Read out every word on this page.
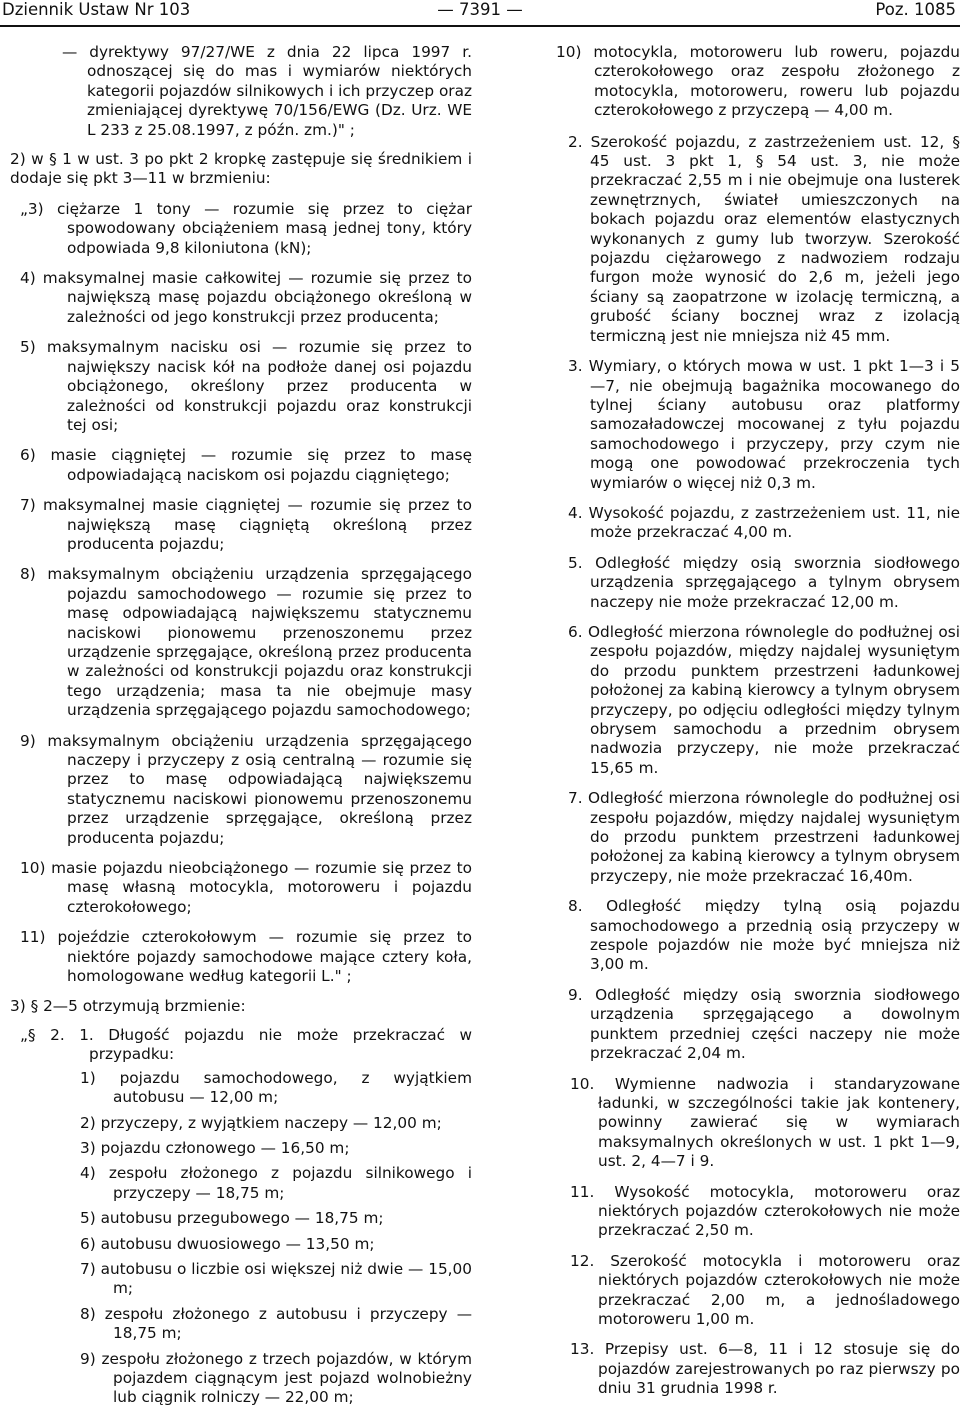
Dziennik Ustaw Nr 103	— 7391 —	Poz. 1085

— dyrektywy 97/27/WE z dnia 22 lipca 1997 r. odnoszącej się do mas i wymiarów niektórych kategorii pojazdów silnikowych i ich przyczep oraz zmieniającej dyrektywę 70/156/EWG (Dz. Urz. WE L 233 z 25.08.1997, z późn. zm.)" ;

2) w § 1 w ust. 3 po pkt 2 kropkę zastępuje się średnikiem i dodaje się pkt 3—11 w brzmieniu:

„3) ciężarze 1 tony — rozumie się przez to ciężar spowodowany obciążeniem masą jednej tony, który odpowiada 9,8 kiloniutona (kN);

4) maksymalnej masie całkowitej — rozumie się przez to największą masę pojazdu obciążonego określoną w zależności od jego konstrukcji przez producenta;

5) maksymalnym nacisku osi — rozumie się przez to największy nacisk kół na podłoże danej osi pojazdu obciążonego, określony przez producenta w zależności od konstrukcji pojazdu oraz konstrukcji tej osi;

6) masie ciągniętej — rozumie się przez to masę odpowiadającą naciskom osi pojazdu ciągniętego;

7) maksymalnej masie ciągniętej — rozumie się przez to największą masę ciągniętą określoną przez producenta pojazdu;

8) maksymalnym obciążeniu urządzenia sprzęgającego pojazdu samochodowego — rozumie się przez to masę odpowiadającą największemu statycznemu naciskowi pionowemu przenoszonemu przez urządzenie sprzęgające, określoną przez producenta w zależności od konstrukcji pojazdu oraz konstrukcji tego urządzenia; masa ta nie obejmuje masy urządzenia sprzęgającego pojazdu samochodowego;

9) maksymalnym obciążeniu urządzenia sprzęgającego naczepy i przyczepy z osią centralną — rozumie się przez to masę odpowiadającą największemu statycznemu naciskowi pionowemu przenoszonemu przez urządzenie sprzęgające, określoną przez producenta pojazdu;

10) masie pojazdu nieobciążonego — rozumie się przez to masę własną motocykla, motoroweru i pojazdu czterokołowego;

11) pojeździe czterokołowym — rozumie się przez to niektóre pojazdy samochodowe mające cztery koła, homologowane według kategorii L." ;

3) § 2—5 otrzymują brzmienie:

„§ 2. 1. Długość pojazdu nie może przekraczać w przypadku:

1) pojazdu samochodowego, z wyjątkiem autobusu — 12,00 m;

2) przyczepy, z wyjątkiem naczepy — 12,00 m;

3) pojazdu członowego — 16,50 m;

4) zespołu złożonego z pojazdu silnikowego i przyczepy — 18,75 m;

5) autobusu przegubowego — 18,75 m;

6) autobusu dwuosiowego — 13,50 m;

7) autobusu o liczbie osi większej niż dwie — 15,00 m;

8) zespołu złożonego z autobusu i przyczepy — 18,75 m;

9) zespołu złożonego z trzech pojazdów, w którym pojazdem ciągnącym jest pojazd wolnobieżny lub ciągnik rolniczy — 22,00 m;

10) motocykla, motoroweru lub roweru, pojazdu czterokołowego oraz zespołu złożonego z motocykla, motoroweru, roweru lub pojazdu czterokołowego z przyczepą — 4,00 m.

2. Szerokość pojazdu, z zastrzeżeniem ust. 12, § 45 ust. 3 pkt 1, § 54 ust. 3, nie może przekraczać 2,55 m i nie obejmuje ona lusterek zewnętrznych, świateł umieszczonych na bokach pojazdu oraz elementów elastycznych wykonanych z gumy lub tworzyw. Szerokość pojazdu ciężarowego z nadwoziem rodzaju furgon może wynosić do 2,6 m, jeżeli jego ściany są zaopatrzone w izolację termiczną, a grubość ściany bocznej wraz z izolacją termiczną jest nie mniejsza niż 45 mm.

3. Wymiary, o których mowa w ust. 1 pkt 1—3 i 5—7, nie obejmują bagażnika mocowanego do tylnej ściany autobusu oraz platformy samozaładowczej mocowanej z tyłu pojazdu samochodowego i przyczepy, przy czym nie mogą one powodować przekroczenia tych wymiarów o więcej niż 0,3 m.

4. Wysokość pojazdu, z zastrzeżeniem ust. 11, nie może przekraczać 4,00 m.

5. Odległość między osią sworznia siodłowego urządzenia sprzęgającego a tylnym obrysem naczepy nie może przekraczać 12,00 m.

6. Odległość mierzona równolegle do podłużnej osi zespołu pojazdów, między najdalej wysuniętym do przodu punktem przestrzeni ładunkowej położonej za kabiną kierowcy a tylnym obrysem przyczepy, po odjęciu odległości między tylnym obrysem samochodu a przednim obrysem nadwozia przyczepy, nie może przekraczać 15,65 m.

7. Odległość mierzona równolegle do podłużnej osi zespołu pojazdów, między najdalej wysuniętym do przodu punktem przestrzeni ładunkowej położonej za kabiną kierowcy a tylnym obrysem przyczepy, nie może przekraczać 16,40m.

8. Odległość między tylną osią pojazdu samochodowego a przednią osią przyczepy w zespole pojazdów nie może być mniejsza niż 3,00 m.

9. Odległość między osią sworznia siodłowego urządzenia sprzęgającego a dowolnym punktem przedniej części naczepy nie może przekraczać 2,04 m.

10. Wymienne nadwozia i standaryzowane ładunki, w szczególności takie jak kontenery, powinny zawierać się w wymiarach maksymalnych określonych w ust. 1 pkt 1—9, ust. 2, 4—7 i 9.

11. Wysokość motocykla, motoroweru oraz niektórych pojazdów czterokołowych nie może przekraczać 2,50 m.

12. Szerokość motocykla i motoroweru oraz niektórych pojazdów czterokołowych nie może przekraczać 2,00 m, a jednośladowego motoroweru 1,00 m.

13. Przepisy ust. 6—8, 11 i 12 stosuje się do pojazdów zarejestrowanych po raz pierwszy po dniu 31 grudnia 1998 r.
